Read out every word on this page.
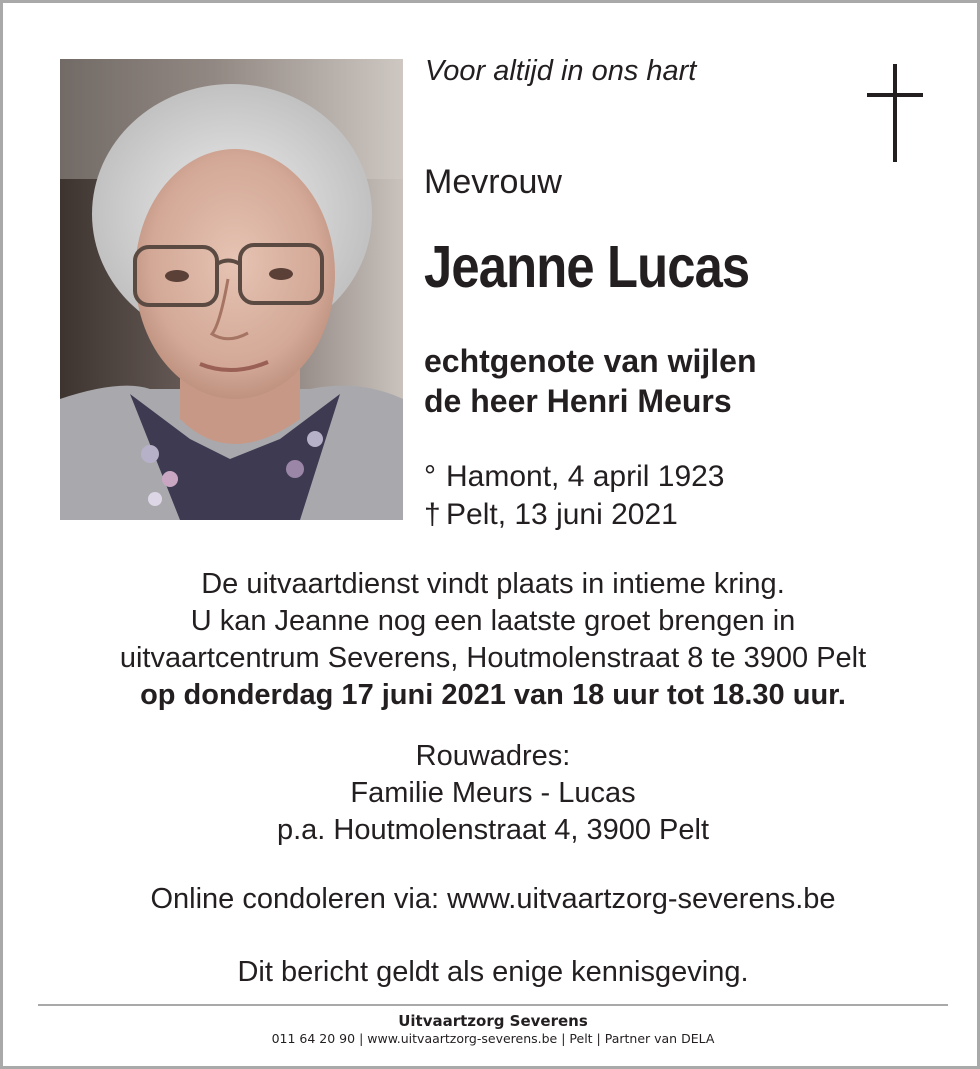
Voor altijd in ons hart
Mevrouw
Jeanne Lucas
echtgenote van wijlen
de heer Henri Meurs
° Hamont, 4 april 1923
† Pelt, 13 juni 2021
De uitvaartdienst vindt plaats in intieme kring.
U kan Jeanne nog een laatste groet brengen in
uitvaartcentrum Severens, Houtmolenstraat 8 te 3900 Pelt
op donderdag 17 juni 2021 van 18 uur tot 18.30 uur.
Rouwadres:
Familie Meurs - Lucas
p.a. Houtmolenstraat 4, 3900 Pelt
Online condoleren via: www.uitvaartzorg-severens.be
Dit bericht geldt als enige kennisgeving.
Uitvaartzorg Severens
011 64 20 90 | www.uitvaartzorg-severens.be | Pelt | Partner van DELA
